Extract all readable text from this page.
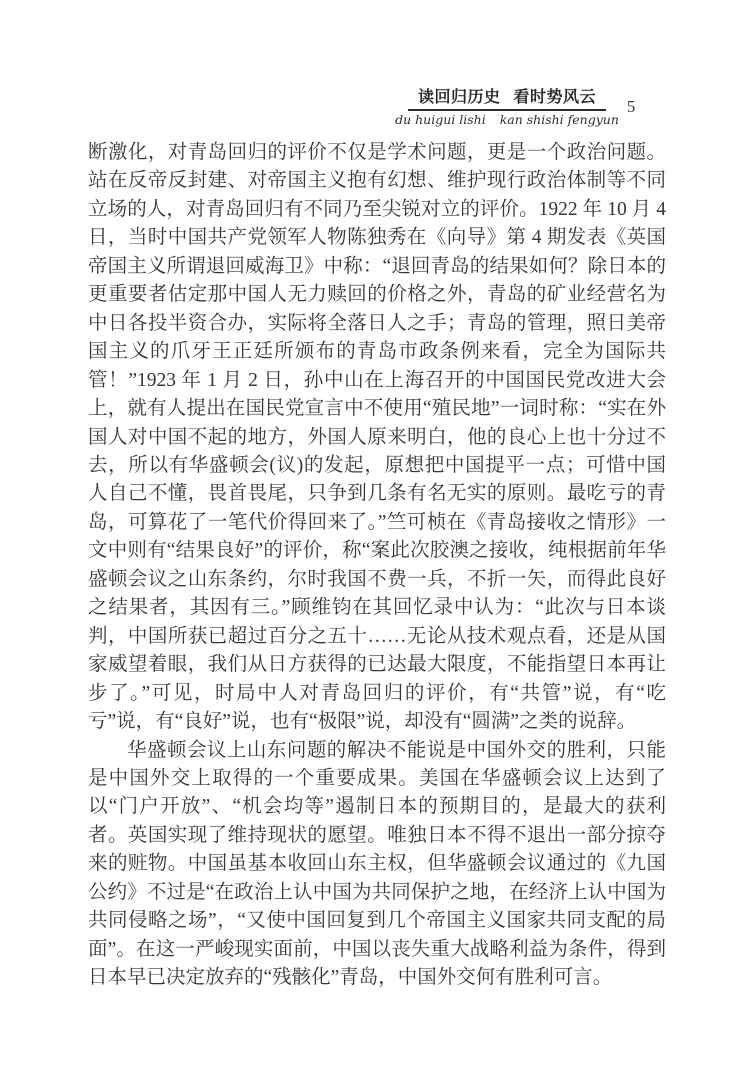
读回归历史 看时势风云
du huigui lishi kan shishi fengyun
5

断激化，对青岛回归的评价不仅是学术问题，更是一个政治问题。站在反帝反封建、对帝国主义抱有幻想、维护现行政治体制等不同立场的人，对青岛回归有不同乃至尖锐对立的评价。1922 年 10 月 4 日，当时中国共产党领军人物陈独秀在《向导》第 4 期发表《英国帝国主义所谓退回威海卫》中称：“退回青岛的结果如何？除日本的更重要者估定那中国人无力赎回的价格之外，青岛的矿业经营名为中日各投半资合办，实际将全落日人之手；青岛的管理，照日美帝国主义的爪牙王正廷所颁布的青岛市政条例来看，完全为国际共管！”1923 年 1 月 2 日，孙中山在上海召开的中国国民党改进大会上，就有人提出在国民党宣言中不使用“殖民地”一词时称：“实在外国人对中国不起的地方，外国人原来明白，他的良心上也十分过不去，所以有华盛顿会(议)的发起，原想把中国提平一点；可惜中国人自己不懂，畏首畏尾，只争到几条有名无实的原则。最吃亏的青岛，可算花了一笔代价得回来了。”竺可桢在《青岛接收之情形》一文中则有“结果良好”的评价，称“案此次胶澳之接收，纯根据前年华盛顿会议之山东条约，尔时我国不费一兵，不折一矢，而得此良好之结果者，其因有三。”顾维钧在其回忆录中认为：“此次与日本谈判，中国所获已超过百分之五十……无论从技术观点看，还是从国家威望着眼，我们从日方获得的已达最大限度，不能指望日本再让步了。”可见，时局中人对青岛回归的评价，有“共管”说，有“吃亏”说，有“良好”说，也有“极限”说，却没有“圆满”之类的说辞。

华盛顿会议上山东问题的解决不能说是中国外交的胜利，只能是中国外交上取得的一个重要成果。美国在华盛顿会议上达到了以“门户开放”、“机会均等”遏制日本的预期目的，是最大的获利者。英国实现了维持现状的愿望。唯独日本不得不退出一部分掠夺来的赃物。中国虽基本收回山东主权，但华盛顿会议通过的《九国公约》不过是“在政治上认中国为共同保护之地，在经济上认中国为共同侵略之场”，“又使中国回复到几个帝国主义国家共同支配的局面”。在这一严峻现实面前，中国以丧失重大战略利益为条件，得到日本早已决定放弃的“残骸化”青岛，中国外交何有胜利可言。
